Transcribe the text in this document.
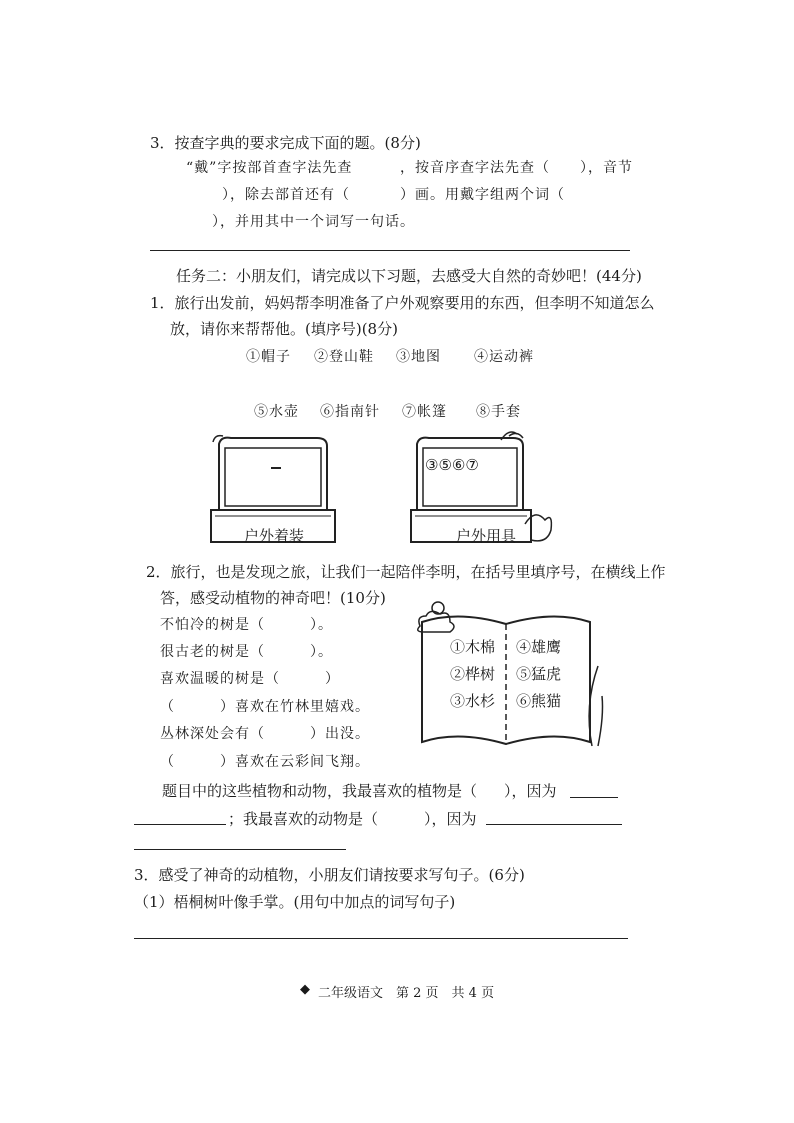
3．按查字典的要求完成下面的题。(8分)
“戴”字按部首查字法先查	，按音序查字法先查（ ），音节
），除去部首还有（	）画。用戴字组两个词（
），并用其中一个词写一句话。
任务二：小朋友们，请完成以下习题，去感受大自然的奇妙吧！(44分)
1．旅行出发前，妈妈帮李明准备了户外观察要用的东西，但李明不知道怎么
放，请你来帮帮他。(填序号)(8分)
①帽子 ②登山鞋 ③地图 ④运动裤
⑤水壶 ⑥指南针 ⑦帐篷 ⑧手套
户外着装
③⑤⑥⑦
户外用具
2．旅行，也是发现之旅，让我们一起陪伴李明，在括号里填序号，在横线上作
答，感受动植物的神奇吧！(10分)
不怕冷的树是（　　　）。
很古老的树是（　　　）。
喜欢温暖的树是（　　　）
（　　　）喜欢在竹林里嬉戏。
丛林深处会有（　　　）出没。
（　　　）喜欢在云彩间飞翔。
①木棉
②桦树
③水杉
④雄鹰
⑤猛虎
⑥熊猫
题目中的这些植物和动物，我最喜欢的植物是（ ），因为
；我最喜欢的动物是（	），因为
3．感受了神奇的动植物，小朋友们请按要求写句子。(6分)
（1）梧桐树叶像手掌。(用句中加点的词写句子)
◆ 二年级语文　第 2 页　共 4 页
